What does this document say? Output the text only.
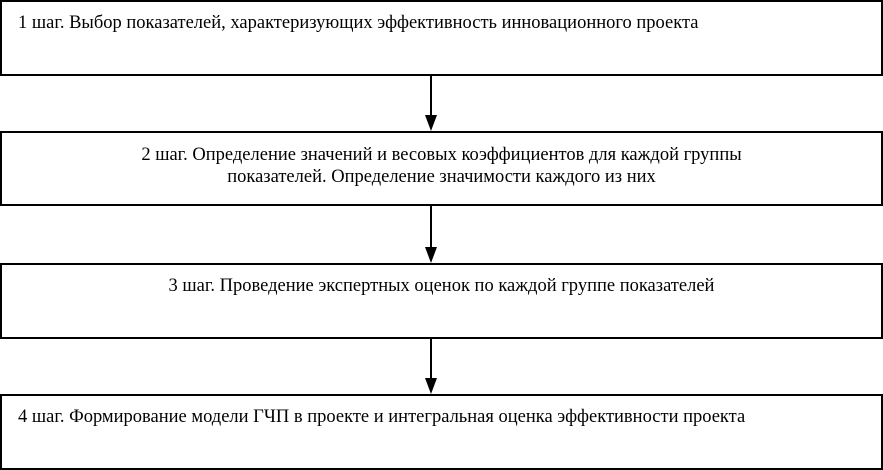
1 шаг. Выбор показателей, характеризующих эффективность инновационного проекта
2 шаг. Определение значений и весовых коэффициентов для каждой группы
показателей. Определение значимости каждого из них
3 шаг. Проведение экспертных оценок по каждой группе показателей
4 шаг. Формирование модели ГЧП в проекте и интегральная оценка эффективности проекта
